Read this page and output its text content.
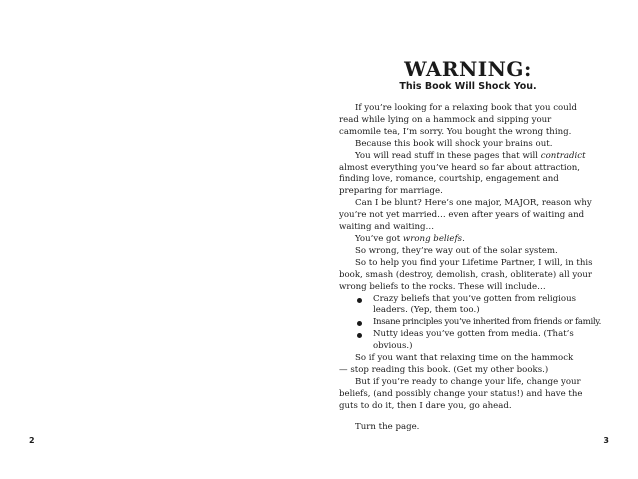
2
WARNING:
This Book Will Shock You.
If you’re looking for a relaxing book that you could
read while lying on a hammock and sipping your
camomile tea, I’m sorry. You bought the wrong thing.
Because this book will shock your brains out.
You will read stuff in these pages that will contradict
almost everything you’ve heard so far about attraction,
finding love, romance, courtship, engagement and
preparing for marriage.
Can I be blunt? Here’s one major, MAJOR, reason why
you’re not yet married… even after years of waiting and
waiting and waiting…
You’ve got wrong beliefs.
So wrong, they’re way out of the solar system.
So to help you find your Lifetime Partner, I will, in this
book, smash (destroy, demolish, crash, obliterate) all your
wrong beliefs to the rocks. These will include…
Crazy beliefs that you’ve gotten from religious
leaders. (Yep, them too.)
Insane principles you’ve inherited from friends or family.
Nutty ideas you’ve gotten from media. (That’s
obvious.)
So if you want that relaxing time on the hammock
— stop reading this book. (Get my other books.)
But if you’re ready to change your life, change your
beliefs, (and possibly change your status!) and have the
guts to do it, then I dare you, go ahead.
Turn the page.
3
